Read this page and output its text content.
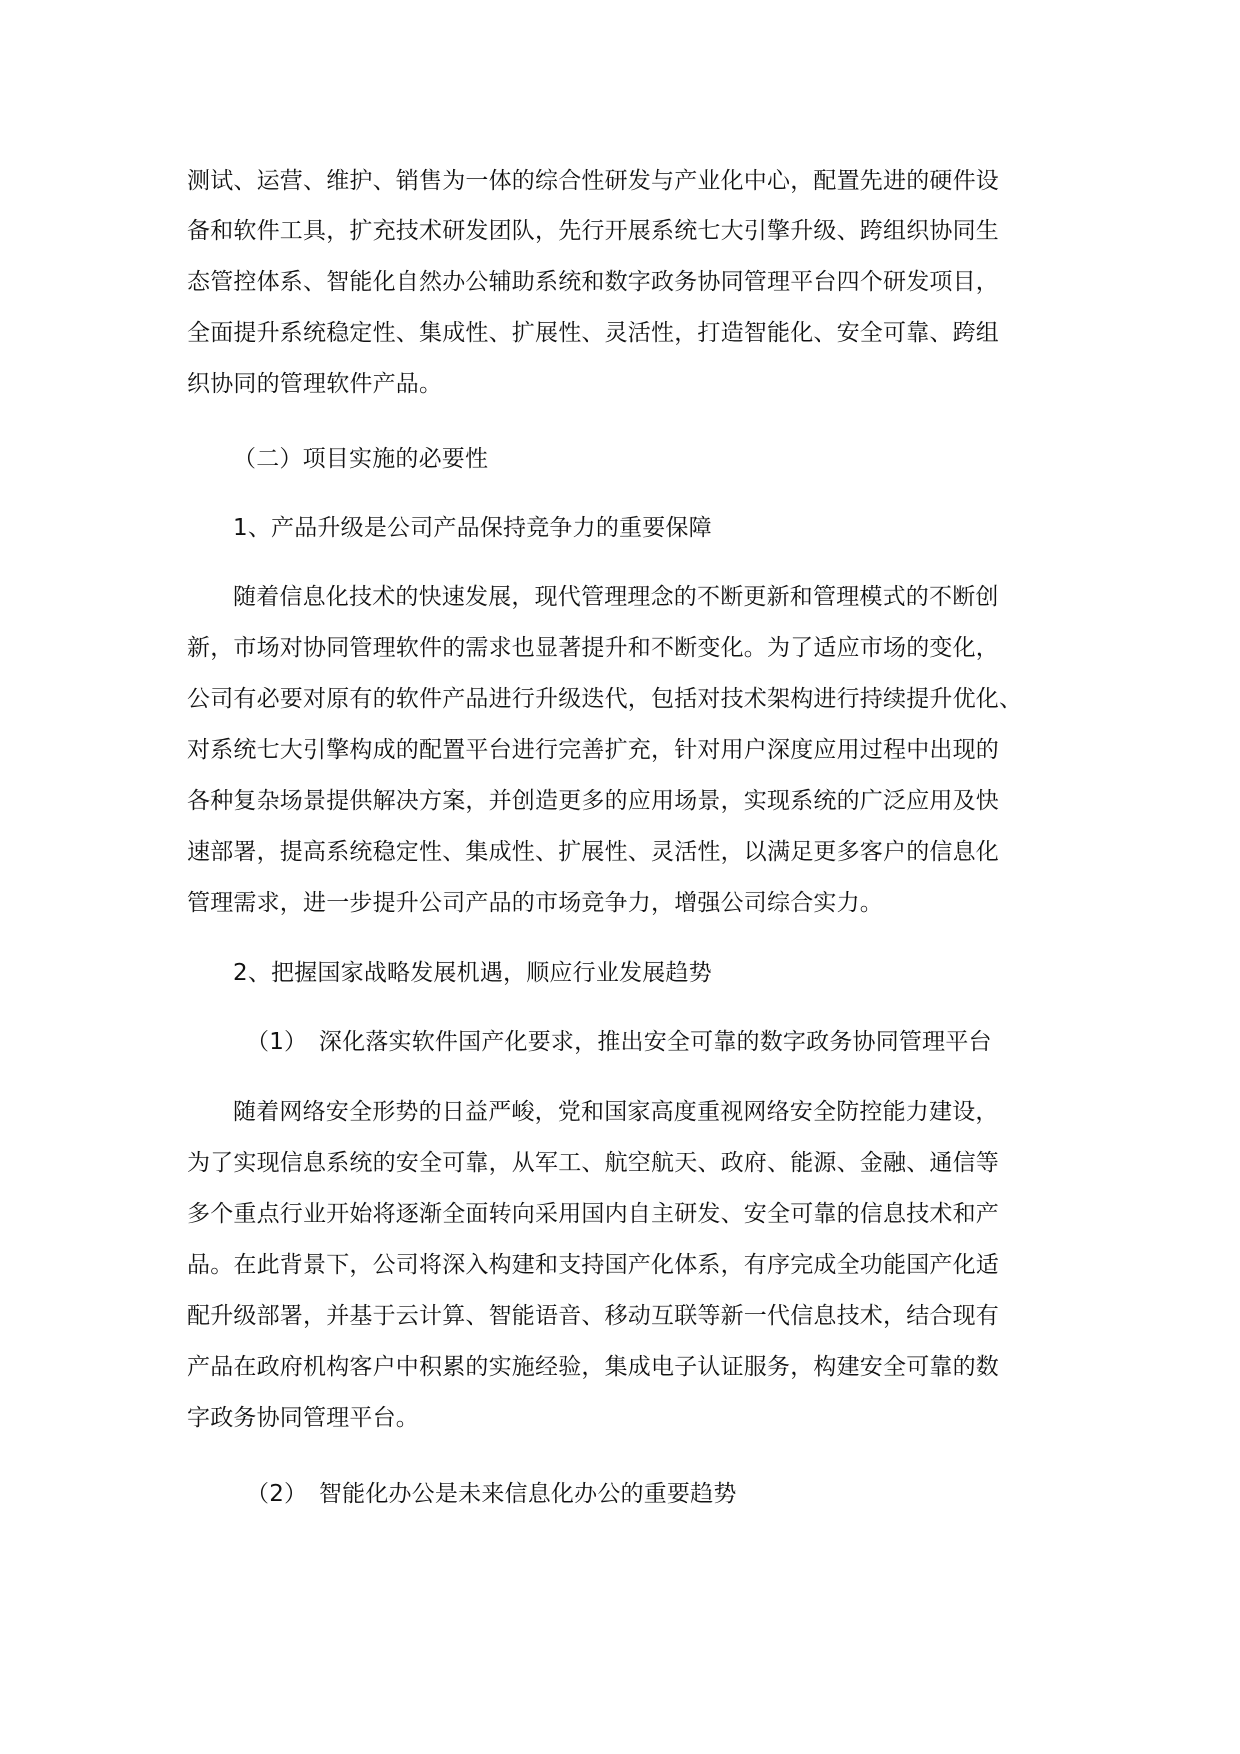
测试、运营、维护、销售为一体的综合性研发与产业化中心，配置先进的硬件设
备和软件工具，扩充技术研发团队，先行开展系统七大引擎升级、跨组织协同生
态管控体系、智能化自然办公辅助系统和数字政务协同管理平台四个研发项目，
全面提升系统稳定性、集成性、扩展性、灵活性，打造智能化、安全可靠、跨组
织协同的管理软件产品。
（二）项目实施的必要性
1、产品升级是公司产品保持竞争力的重要保障
随着信息化技术的快速发展，现代管理理念的不断更新和管理模式的不断创
新，市场对协同管理软件的需求也显著提升和不断变化。为了适应市场的变化，
公司有必要对原有的软件产品进行升级迭代，包括对技术架构进行持续提升优化、
对系统七大引擎构成的配置平台进行完善扩充，针对用户深度应用过程中出现的
各种复杂场景提供解决方案，并创造更多的应用场景，实现系统的广泛应用及快
速部署，提高系统稳定性、集成性、扩展性、灵活性，以满足更多客户的信息化
管理需求，进一步提升公司产品的市场竞争力，增强公司综合实力。
2、把握国家战略发展机遇，顺应行业发展趋势
（1）　深化落实软件国产化要求，推出安全可靠的数字政务协同管理平台
随着网络安全形势的日益严峻，党和国家高度重视网络安全防控能力建设，
为了实现信息系统的安全可靠，从军工、航空航天、政府、能源、金融、通信等
多个重点行业开始将逐渐全面转向采用国内自主研发、安全可靠的信息技术和产
品。在此背景下，公司将深入构建和支持国产化体系，有序完成全功能国产化适
配升级部署，并基于云计算、智能语音、移动互联等新一代信息技术，结合现有
产品在政府机构客户中积累的实施经验，集成电子认证服务，构建安全可靠的数
字政务协同管理平台。
（2）　智能化办公是未来信息化办公的重要趋势
